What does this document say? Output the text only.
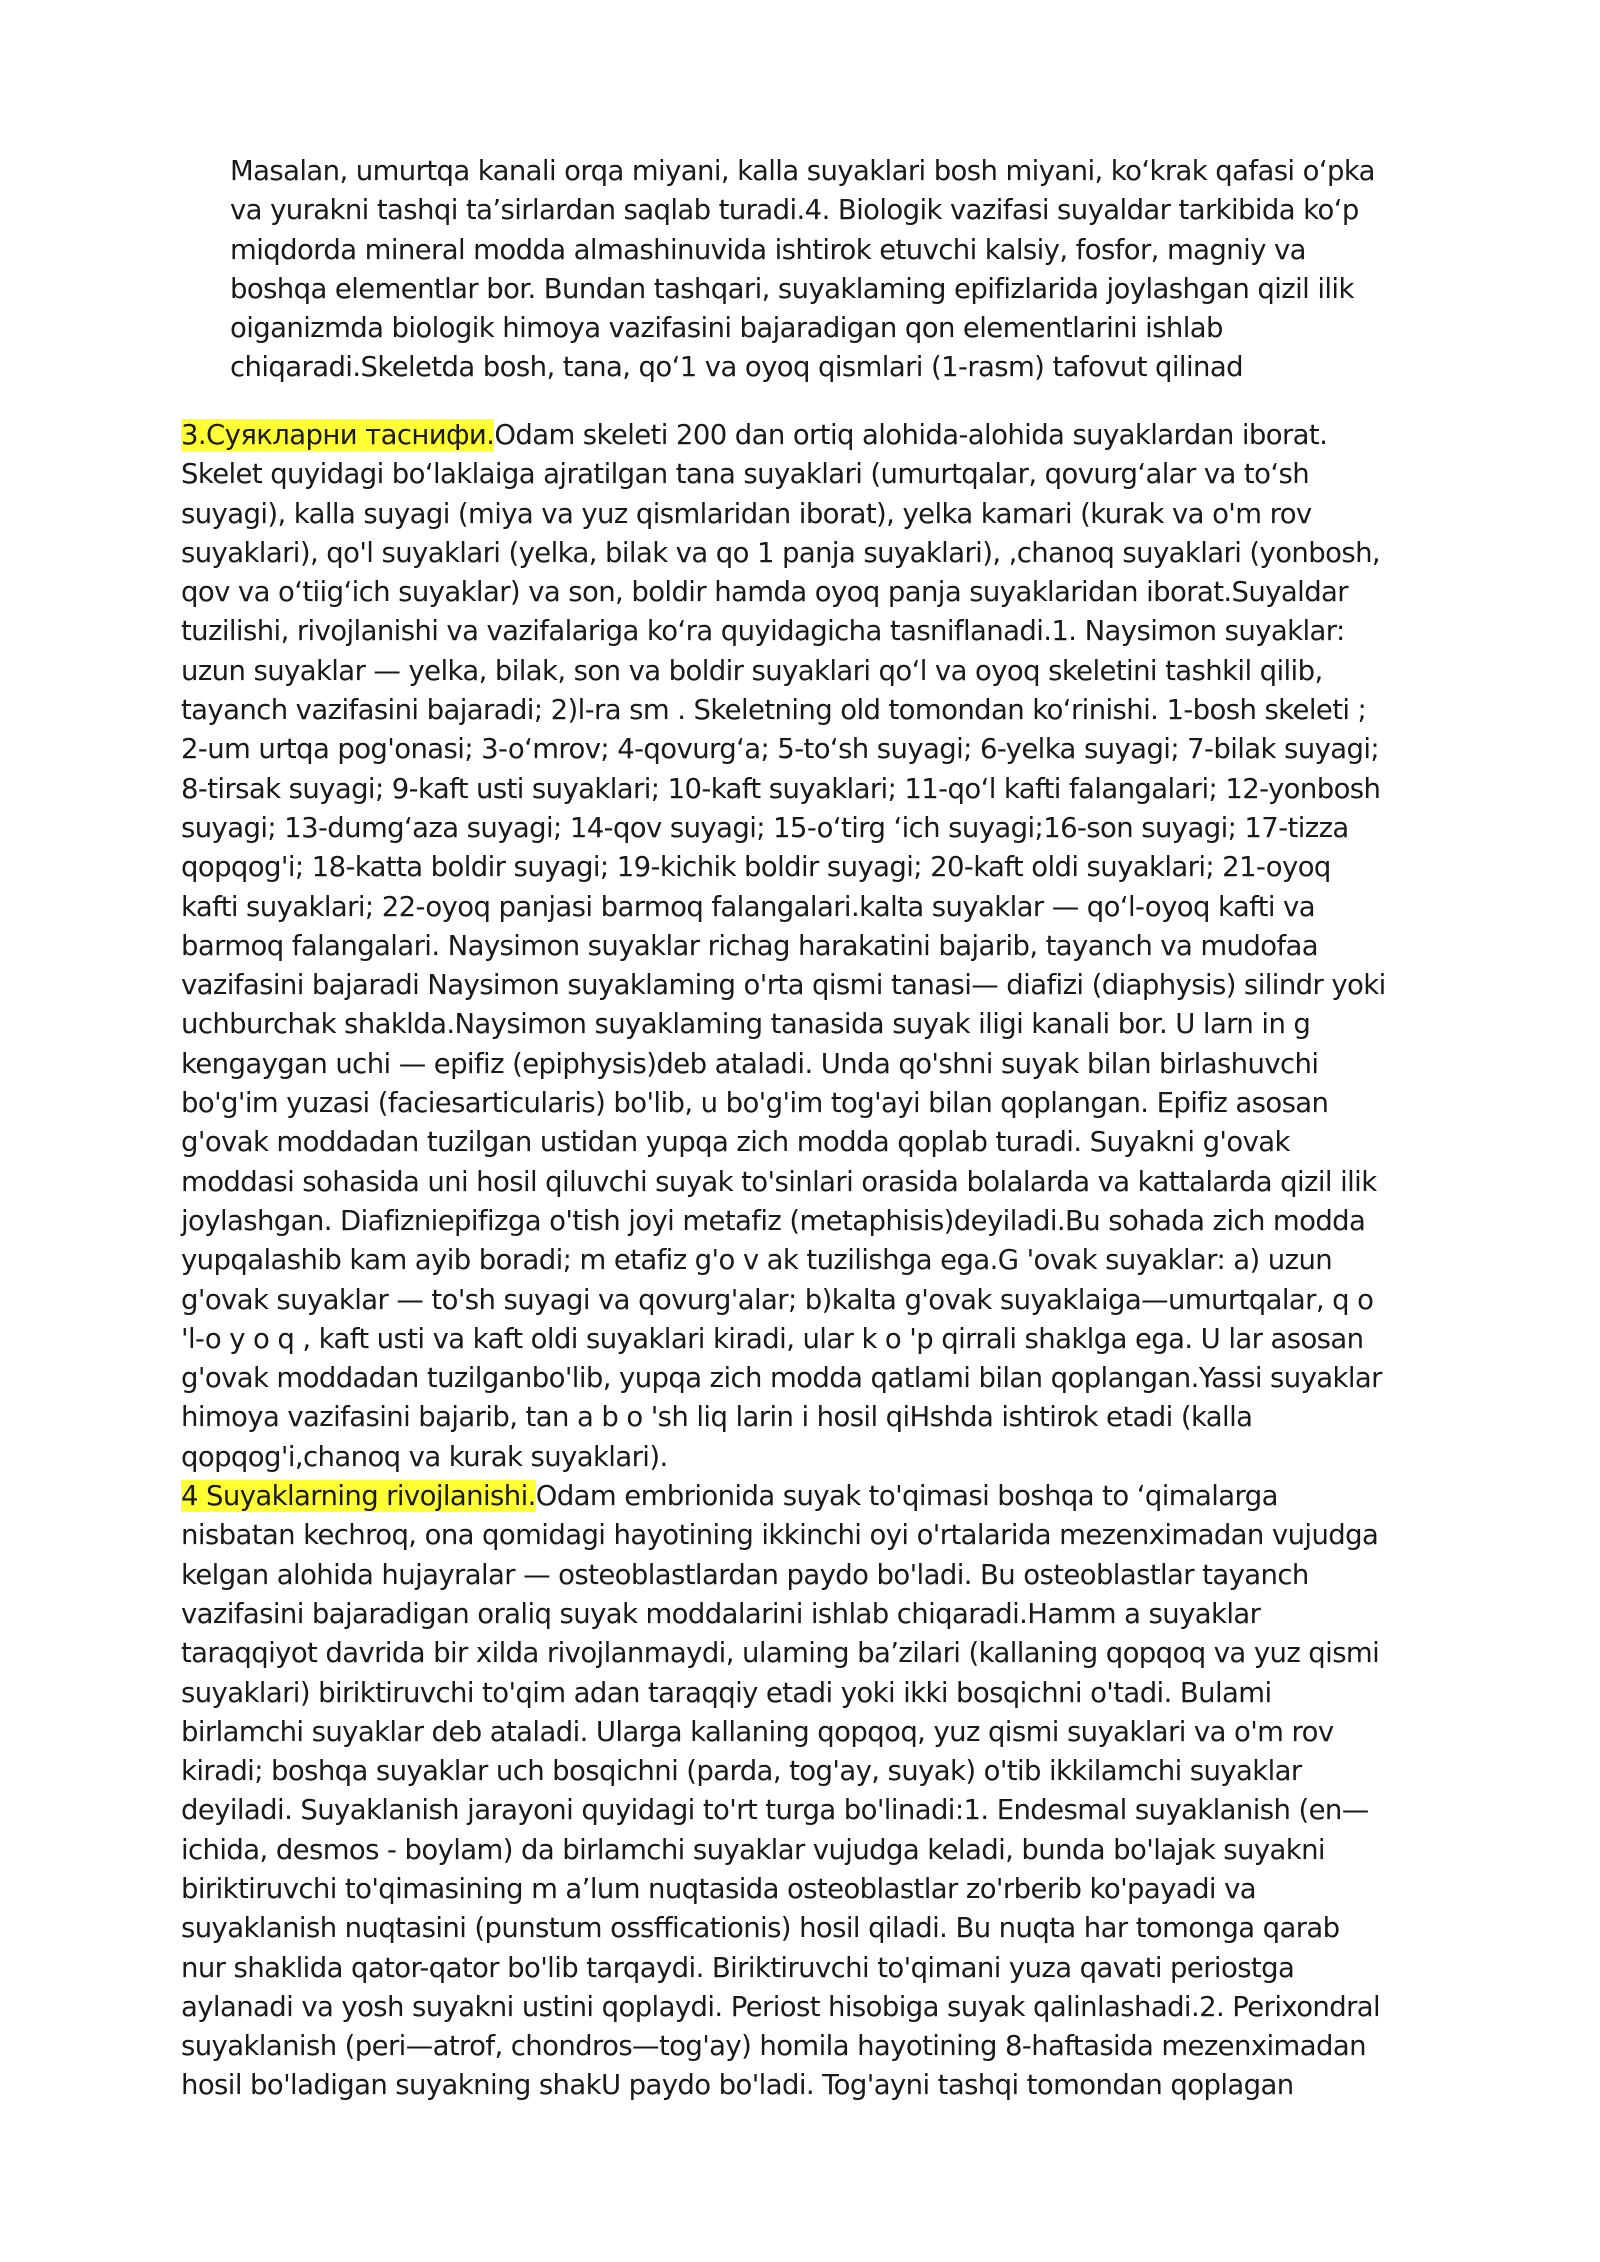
Masalan, umurtqa kanali orqa miyani, kalla suyaklari bosh miyani, ko‘krak qafasi o‘pka va yurakni tashqi ta’sirlardan saqlab turadi.4. Biologik vazifasi suyaldar tarkibida ko‘p miqdorda mineral modda almashinuvida ishtirok etuvchi kalsiy, fosfor, magniy va boshqa elementlar bor. Bundan tashqari, suyaklaming epifizlarida joylashgan qizil ilik oiganizmda biologik himoya vazifasini bajaradigan qon elementlarini ishlab chiqaradi.Skeletda bosh, tana, qo‘1 va oyoq qismlari (1-rasm) tafovut qilinad

3.Суякларни таснифи.Odam skeleti 200 dan ortiq alohida-alohida suyaklardan iborat. Skelet quyidagi bo‘laklaiga ajratilgan tana suyaklari (umurtqalar, qovurg‘alar va to‘sh suyagi), kalla suyagi (miya va yuz qismlaridan iborat), yelka kamari (kurak va o'm rov suyaklari), qo'l suyaklari (yelka, bilak va qo 1 panja suyaklari), ,chanoq suyaklari (yonbosh, qov va o‘tiig‘ich suyaklar) va son, boldir hamda oyoq panja suyaklaridan iborat.Suyaldar tuzilishi, rivojlanishi va vazifalariga ko‘ra quyidagicha tasniflanadi.1. Naysimon suyaklar: uzun suyaklar — yelka, bilak, son va boldir suyaklari qo‘l va oyoq skeletini tashkil qilib, tayanch vazifasini bajaradi; 2)l-ra sm . Skeletning old tomondan ko‘rinishi. 1-bosh skeleti ; 2-um urtqa pog'onasi; 3-o‘mrov; 4-qovurg‘a; 5-to‘sh suyagi; 6-yelka suyagi; 7-bilak suyagi; 8-tirsak suyagi; 9-kaft usti suyaklari; 10-kaft suyaklari; 11-qo‘l kafti falangalari; 12-yonbosh suyagi; 13-dumg‘aza suyagi; 14-qov suyagi; 15-o‘tirg ‘ich suyagi;16-son suyagi; 17-tizza qopqog'i; 18-katta boldir suyagi; 19-kichik boldir suyagi; 20-kaft oldi suyaklari; 21-oyoq kafti suyaklari; 22-oyoq panjasi barmoq falangalari.kalta suyaklar — qo‘l-oyoq kafti va barmoq falangalari. Naysimon suyaklar richag harakatini bajarib, tayanch va mudofaa vazifasini bajaradi Naysimon suyaklaming o'rta qismi tanasi— diafizi (diaphysis) silindr yoki uchburchak shakldа.Naysimon suyaklaming tanasida suyak iligi kanali bor. U larn in g kengaygan uchi — epifiz (epiphysis)deb ataladi. Unda qo'shni suyak bilan birlashuvchi bo'g'im yuzasi (faciesarticularis) bo'lib, u bo'g'im tog'ayi bilan qoplangan. Epifiz asosan g'ovak moddadan tuzilgan ustidan yupqa zich modda qoplab turadi. Suyakni g'ovak moddasi sohasida uni hosil qiluvchi suyak to'sinlari orasida bolalarda va kattalarda qizil ilik joylashgan. Diafizniepifizga o'tish joyi metafiz (metaphisis)deyiladi.Bu sohada zich modda yupqalashib kam ayib boradi; m etafiz g'o v ak tuzilishga ega.G 'ovak suyaklar: a) uzun g'ovak suyaklar — to'sh suyagi va qovurg'alar; b)kalta g'ovak suyaklaiga—umurtqalar, q o 'l-o y o q , kaft usti va kaft oldi suyaklari kiradi, ular k o 'p qirrali shaklga ega. U lar asosan g'ovak moddadan tuzilganbo'lib, yupqa zich modda qatlami bilan qoplangan.Yassi suyaklar himoya vazifasini bajarib, tan a b o 'sh liq larin i hosil qiHshda ishtirok etadi (kalla qopqog'i,chanoq va kurak suyaklari).

4 Suyaklarning rivojlanishi.Odam embrionida suyak to'qimasi boshqa to ‘qimalarga nisbatan kechroq, ona qomidagi hayotining ikkinchi oyi o'rtalarida mezenximadan vujudga kelgan alohida hujayralar — osteoblastlardan paydo bo'ladi. Bu osteoblastlar tayanch vazifasini bajaradigan oraliq suyak moddalarini ishlab chiqaradi.Hamm a suyaklar taraqqiyot davrida bir xilda rivojlanmaydi, ulaming ba’zilari (kallaning qopqoq va yuz qismi suyaklari) biriktiruvchi to'qim adan taraqqiy etadi yoki ikki bosqichni o'tadi. Bulami birlamchi suyaklar deb ataladi. Ularga kallaning qopqoq, yuz qismi suyaklari va o'm rov kiradi; boshqa suyaklar uch bosqichni (parda, tog'ay, suyak) o'tib ikkilamchi suyaklar deyiladi. Suyaklanish jarayoni quyidagi to'rt turga bo'linadi:1. Endesmal suyaklanish (en—ichida, desmos - boylam) da birlamchi suyaklar vujudga keladi, bunda bo'lajak suyakni biriktiruvchi to'qimasining m a’lum nuqtasida osteoblastlar zo'rberib ko'payadi va suyaklanish nuqtasini (punstum ossfficationis) hosil qiladi. Bu nuqta har tomonga qarab nur shaklida qator-qator bo'lib tarqaydi. Biriktiruvchi to'qimani yuza qavati periostga aylanadi va yosh suyakni ustini qoplaydi. Periost hisobiga suyak qalinlashadi.2. Perixondral suyaklanish (peri—atrof, chondros—tog'ay) homila hayotining 8-haftasida mezenximadan hosil bo'ladigan suyakning shakU paydo bo'ladi. Tog'ayni tashqi tomondan qoplagan
